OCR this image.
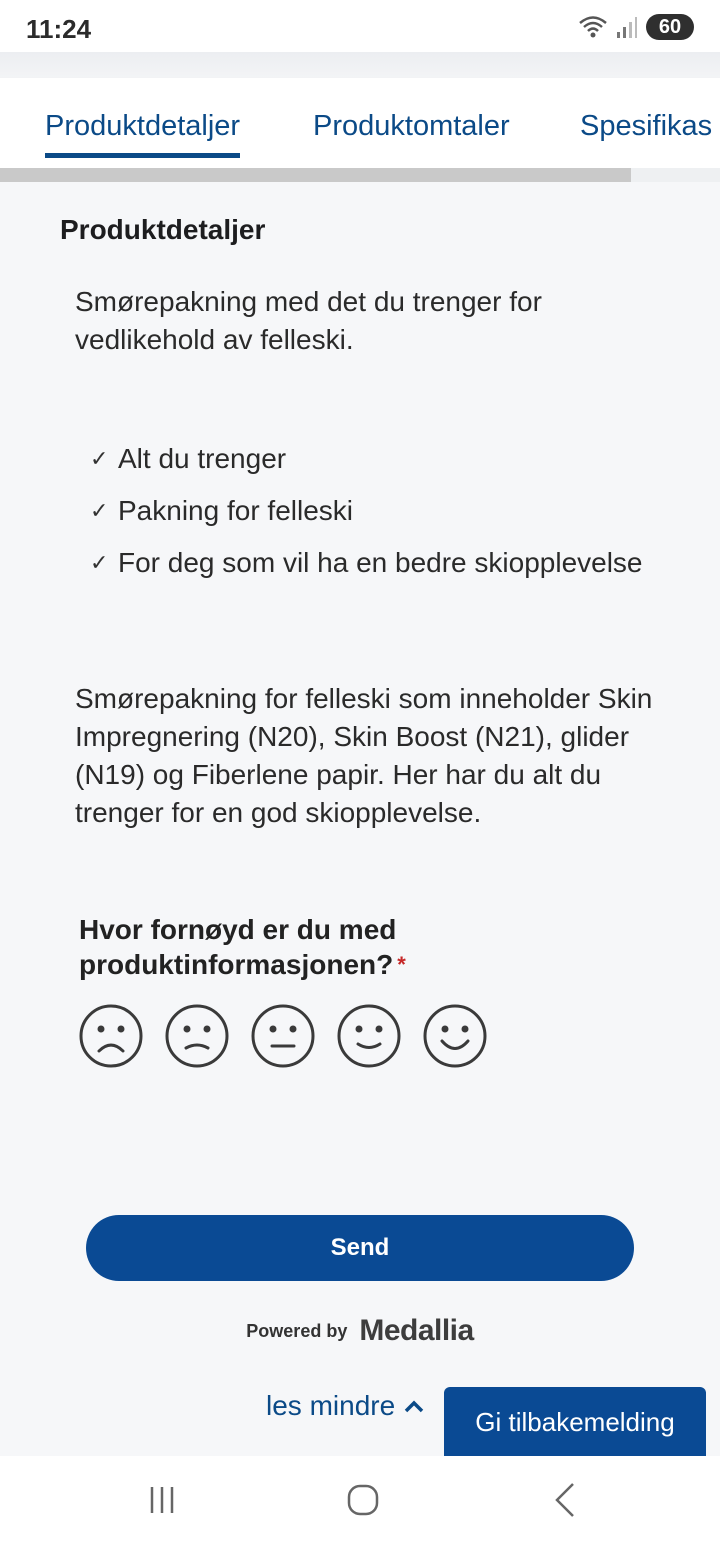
11:24	60
Produktdetaljer	Produktomtaler Spesifikas
Produktdetaljer
Smørepakning med det du trenger for vedlikehold av felleski.
✓ Alt du trenger
✓ Pakning for felleski
✓ For deg som vil ha en bedre skiopplevelse
Smørepakning for felleski som inneholder Skin Impregnering (N20), Skin Boost (N21), glider (N19) og Fiberlene papir. Her har du alt du trenger for en god skiopplevelse.
Hvor fornøyd er du med produktinformasjonen? *
Send
Powered by Medallia
les mindre
Gi tilbakemelding
